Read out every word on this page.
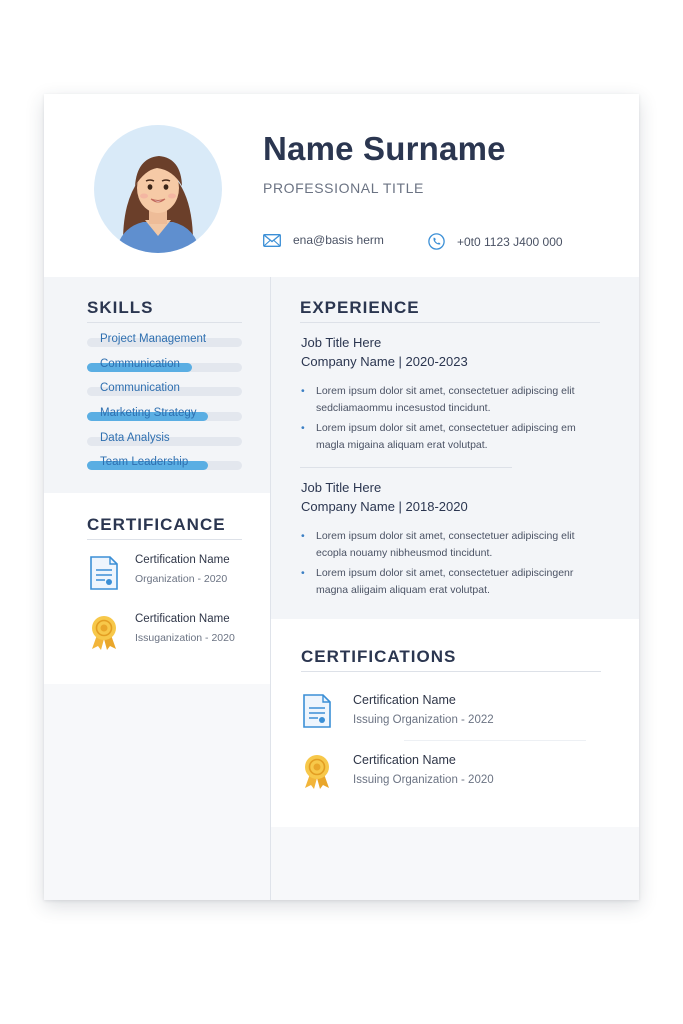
Name Surname
PROFESSIONAL TITLE
ena@basis herm	+0t0 1123 J400 000
SKILLS
Project Management
Communication
Communication
Marketing Strategy
Data Analysis
Team Leadership
CERTIFICANCE
Certification Name
Organization - 2020
Certification Name
Issuganization - 2020
EXPERIENCE
Job Title Here
Company Name | 2020-2023
• Lorem ipsum dolor sit amet, consectetuer adipiscing elit sedcliamaommu incesustod tincidunt.
• Lorem ipsum dolor sit amet, consectetuer adipiscing em magla migaina aliquam erat volutpat.
Job Title Here
Company Name | 2018-2020
• Lorem ipsum dolor sit amet, consectetuer adipiscing elit ecopla nouamy nibheusmod tincidunt.
• Lorem ipsum dolor sit amet, consectetuer adipiscingenr magna aliigaim aliquam erat volutpat.
CERTIFICATIONS
Certification Name
Issuing Organization - 2022
Certification Name
Issuing Organization - 2020
